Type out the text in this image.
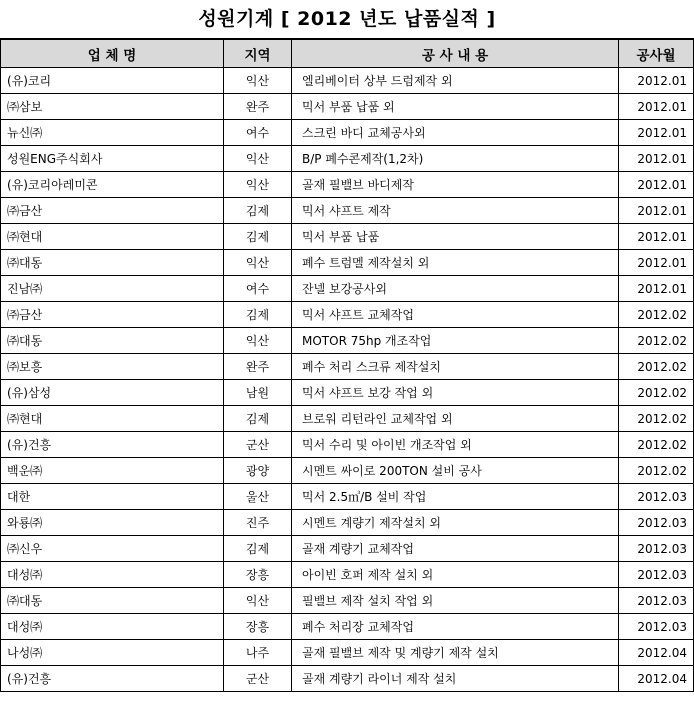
성원기계 [ 2012 년도 납품실적 ]
업 체 명	지역	공 사 내 용	공사월
(유)코리	익산	엘리베이터 상부 드럼제작 외	2012.01
㈜삼보	완주	믹서 부품 납품 외	2012.01
뉴신㈜	여수	스크린 바디 교체공사외	2012.01
성원ENG주식회사	익산	B/P 폐수콘제작(1,2차)	2012.01
(유)코리아레미콘	익산	골재 필밸브 바디제작	2012.01
㈜금산	김제	믹서 샤프트 제작	2012.01
㈜현대	김제	믹서 부품 납품	2012.01
㈜대동	익산	폐수 트럼멜 제작설치 외	2012.01
진남㈜	여수	잔넬 보강공사외	2012.01
㈜금산	김제	믹서 샤프트 교체작업	2012.02
㈜대동	익산	MOTOR 75hp 개조작업	2012.02
㈜보흥	완주	폐수 처리 스크류 제작설치	2012.02
(유)삼성	남원	믹서 샤프트 보강 작업 외	2012.02
㈜현대	김제	브로워 리턴라인 교체작업 외	2012.02
(유)건흥	군산	믹서 수리 및 아이빈 개조작업 외	2012.02
백운㈜	광양	시멘트 싸이로 200TON 설비 공사	2012.02
대한	울산	믹서 2.5㎥/B 설비 작업	2012.03
와룡㈜	진주	시멘트 계량기 제작설치 외	2012.03
㈜신우	김제	골재 계량기 교체작업	2012.03
대성㈜	장흥	아이빈 호퍼 제작 설치 외	2012.03
㈜대동	익산	필밸브 제작 설치 작업 외	2012.03
대성㈜	장흥	폐수 처리장 교체작업	2012.03
나성㈜	나주	골재 필밸브 제작 및 계량기 제작 설치	2012.04
(유)건흥	군산	골재 계량기 라이너 제작 설치	2012.04
